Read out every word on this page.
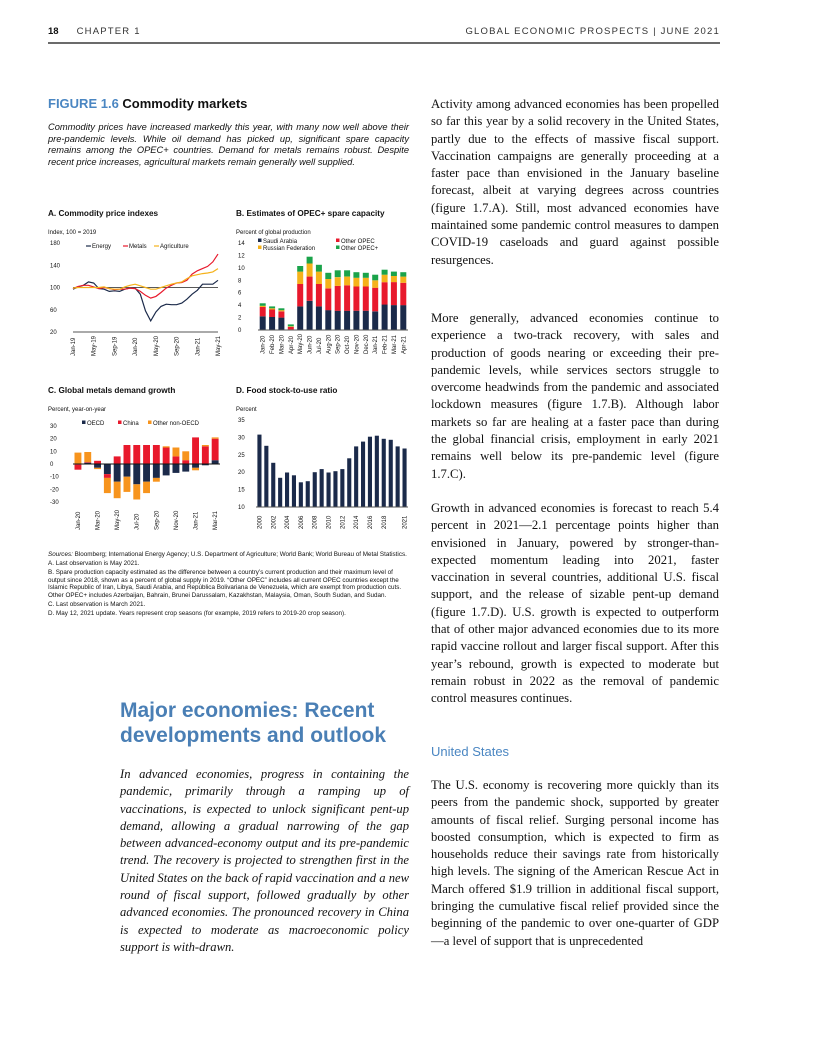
18 CHAPTER 1	GLOBAL ECONOMIC PROSPECTS | JUNE 2021
FIGURE 1.6 Commodity markets
Commodity prices have increased markedly this year, with many now well above their pre-pandemic levels. While oil demand has picked up, significant spare capacity remains among the OPEC+ countries. Demand for metals remains robust. Despite recent price increases, agricultural markets remain generally well supplied.
A. Commodity price indexes
Index, 100 = 2019
20
60
100
140
180
Jan-19 May-19 Sep-19 Jan-20 May-20 Sep-20 Jan-21 May-21
Energy	Metals Agriculture
B. Estimates of OPEC+ spare capacity
Percent of global production
0
2
4
6
8
10
12
14
Jan-20 Feb-20 Mar-20 Apr-20 May-20 Jun-20 Jul-20 Aug-20 Sep-20 Oct-20 Nov-20 Dec-20 Jan-21 Feb-21 Mar-21 Apr-21
Saudi Arabia	Other OPEC
Russian Federation	Other OPEC+
C. Global metals demand growth
Percent, year-on-year
-30
-20
-10
0
10
20
30
Jan-20 Mar-20 May-20 Jul-20 Sep-20 Nov-20 Jan-21 Mar-21
OECD	China Other non-OECD
D. Food stock-to-use ratio
Percent
10
15
20
25
30
35
2000 2002 2004 2006 2008 2010 2012 2014 2016 2018 2021

Sources: Bloomberg; International Energy Agency; U.S. Department of Agriculture; World Bank; World Bureau of Metal Statistics.

A. Last observation is May 2021.

B. Spare production capacity estimated as the difference between a country’s current production and their maximum level of output since 2018, shown as a percent of global supply in 2019. “Other OPEC” includes all current OPEC countries except the Islamic Republic of Iran, Libya, Saudi Arabia, and República Bolivariana de Venezuela, which are exempt from production cuts. Other OPEC+ includes Azerbaijan, Bahrain, Brunei Darussalam, Kazakhstan, Malaysia, Oman, South Sudan, and Sudan.

C. Last observation is March 2021.

D. May 12, 2021 update. Years represent crop seasons (for example, 2019 refers to 2019-20 crop season).

Major economies: Recent developments and outlook
In advanced economies, progress in containing the pandemic, primarily through a ramping up of vaccinations, is expected to unlock significant pent-up demand, allowing a gradual narrowing of the gap between advanced-economy output and its pre-pandemic trend. The recovery is projected to strengthen first in the United States on the back of rapid vaccination and a new round of fiscal support, followed gradually by other advanced economies. The pronounced recovery in China is expected to moderate as macroeconomic policy support is with-drawn.
Activity among advanced economies has been propelled so far this year by a solid recovery in the United States, partly due to the effects of massive fiscal support. Vaccination campaigns are generally proceeding at a faster pace than envisioned in the January baseline forecast, albeit at varying degrees across countries (figure 1.7.A). Still, most advanced economies have maintained some pandemic control measures to dampen COVID-19 caseloads and guard against possible resurgences.
More generally, advanced economies continue to experience a two-track recovery, with sales and production of goods nearing or exceeding their pre-pandemic levels, while services sectors struggle to overcome headwinds from the pandemic and associated lockdown measures (figure 1.7.B). Although labor markets so far are healing at a faster pace than during the global financial crisis, employment in early 2021 remains well below its pre-pandemic level (figure 1.7.C).
Growth in advanced economies is forecast to reach 5.4 percent in 2021—2.1 percentage points higher than envisioned in January, powered by stronger-than-expected momentum leading into 2021, faster vaccination in several countries, additional U.S. fiscal support, and the release of sizable pent-up demand (figure 1.7.D). U.S. growth is expected to outperform that of other major advanced economies due to its more rapid vaccine rollout and larger fiscal support. After this year’s rebound, growth is expected to moderate but remain robust in 2022 as the removal of pandemic control measures continues.
United States
The U.S. economy is recovering more quickly than its peers from the pandemic shock, supported by greater amounts of fiscal relief. Surging personal income has boosted consumption, which is expected to firm as households reduce their savings rate from historically high levels. The signing of the American Rescue Act in March offered $1.9 trillion in additional fiscal support, bringing the cumulative fiscal relief provided since the beginning of the pandemic to over one-quarter of GDP—a level of support that is unprecedented
